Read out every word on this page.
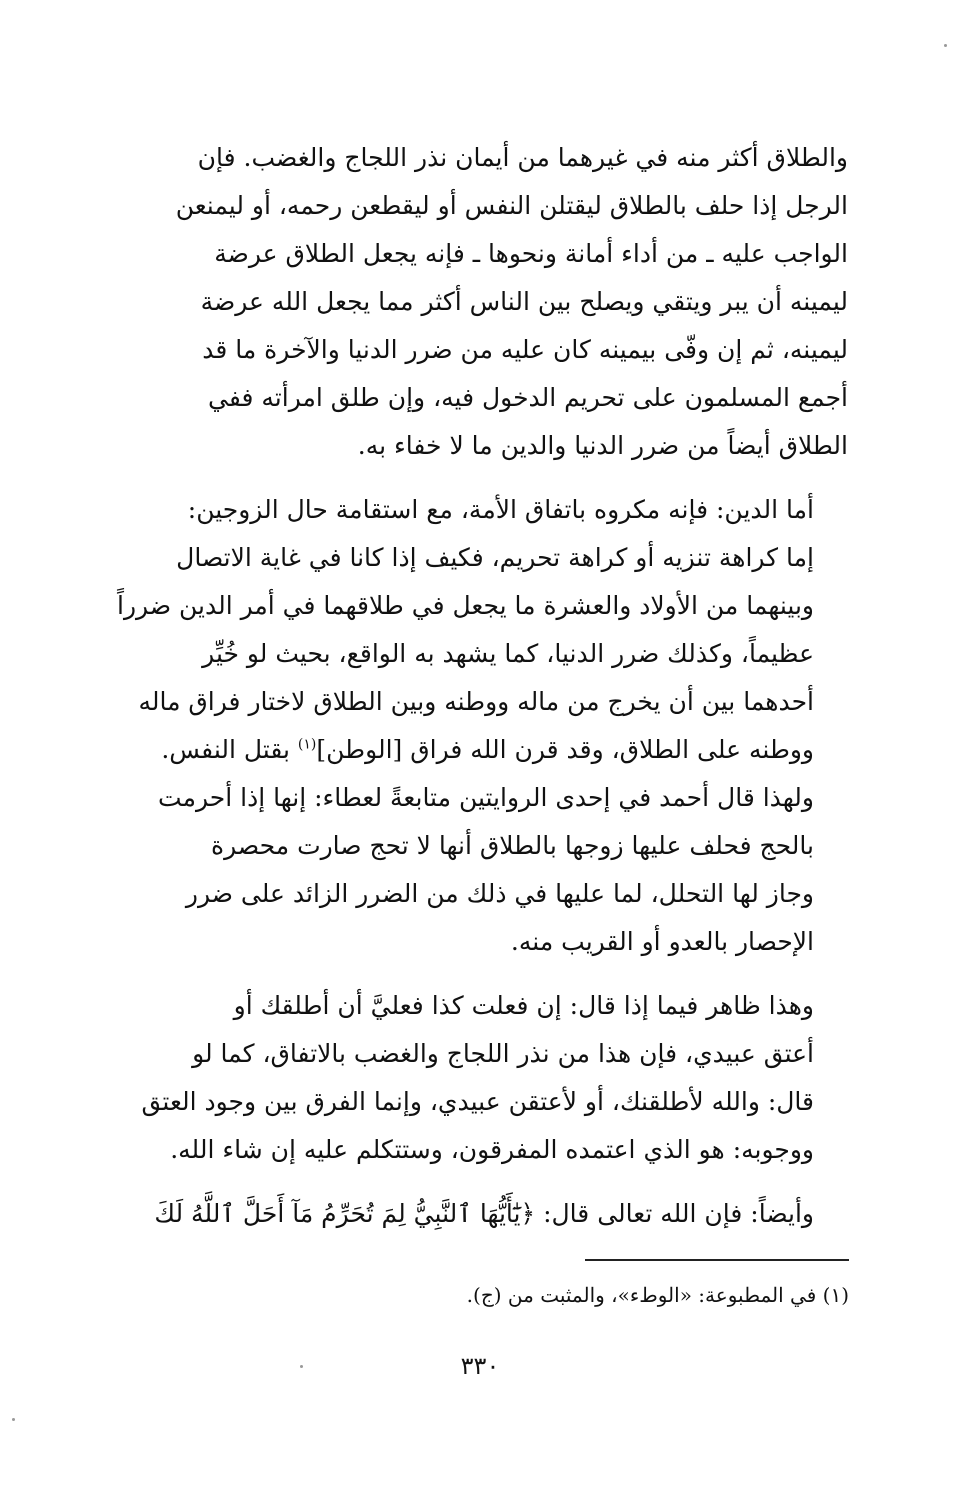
والطلاق أكثر منه في غيرهما من أيمان نذر اللجاج والغضب. فإن
الرجل إذا حلف بالطلاق ليقتلن النفس أو ليقطعن رحمه، أو ليمنعن
الواجب عليه ـ من أداء أمانة ونحوها ـ فإنه يجعل الطلاق عرضة
ليمينه أن يبر ويتقي ويصلح بين الناس أكثر مما يجعل الله عرضة
ليمينه، ثم إن وفّى بيمينه كان عليه من ضرر الدنيا والآخرة ما قد
أجمع المسلمون على تحريم الدخول فيه، وإن طلق امرأته ففي
الطلاق أيضاً من ضرر الدنيا والدين ما لا خفاء به.

أما الدين: فإنه مكروه باتفاق الأمة، مع استقامة حال الزوجين:
إما كراهة تنزيه أو كراهة تحريم، فكيف إذا كانا في غاية الاتصال
وبينهما من الأولاد والعشرة ما يجعل في طلاقهما في أمر الدين ضرراً
عظيماً، وكذلك ضرر الدنيا، كما يشهد به الواقع، بحيث لو خُيِّر
أحدهما بين أن يخرج من ماله ووطنه وبين الطلاق لاختار فراق ماله
ووطنه على الطلاق، وقد قرن الله فراق [الوطن]$^{(١)}$ بقتل النفس.
ولهذا قال أحمد في إحدى الروايتين متابعةً لعطاء: إنها إذا أحرمت
بالحج فحلف عليها زوجها بالطلاق أنها لا تحج صارت محصرة
وجاز لها التحلل، لما عليها في ذلك من الضرر الزائد على ضرر
الإحصار بالعدو أو القريب منه.

وهذا ظاهر فيما إذا قال: إن فعلت كذا فعليَّ أن أطلقك أو
أعتق عبيدي، فإن هذا من نذر اللجاج والغضب بالاتفاق، كما لو
قال: والله لأطلقنك، أو لأعتقن عبيدي، وإنما الفرق بين وجود العتق
ووجوبه: هو الذي اعتمده المفرقون، وستتكلم عليه إن شاء الله.

وأيضاً: فإن الله تعالى قال: ﴿يَٰٓأَيُّهَا ٱلنَّبِيُّ لِمَ تُحَرِّمُ مَآ أَحَلَّ ٱللَّهُ لَكَ

(١) في المطبوعة: «الوطء»، والمثبت من (ج).
٣٣٠
